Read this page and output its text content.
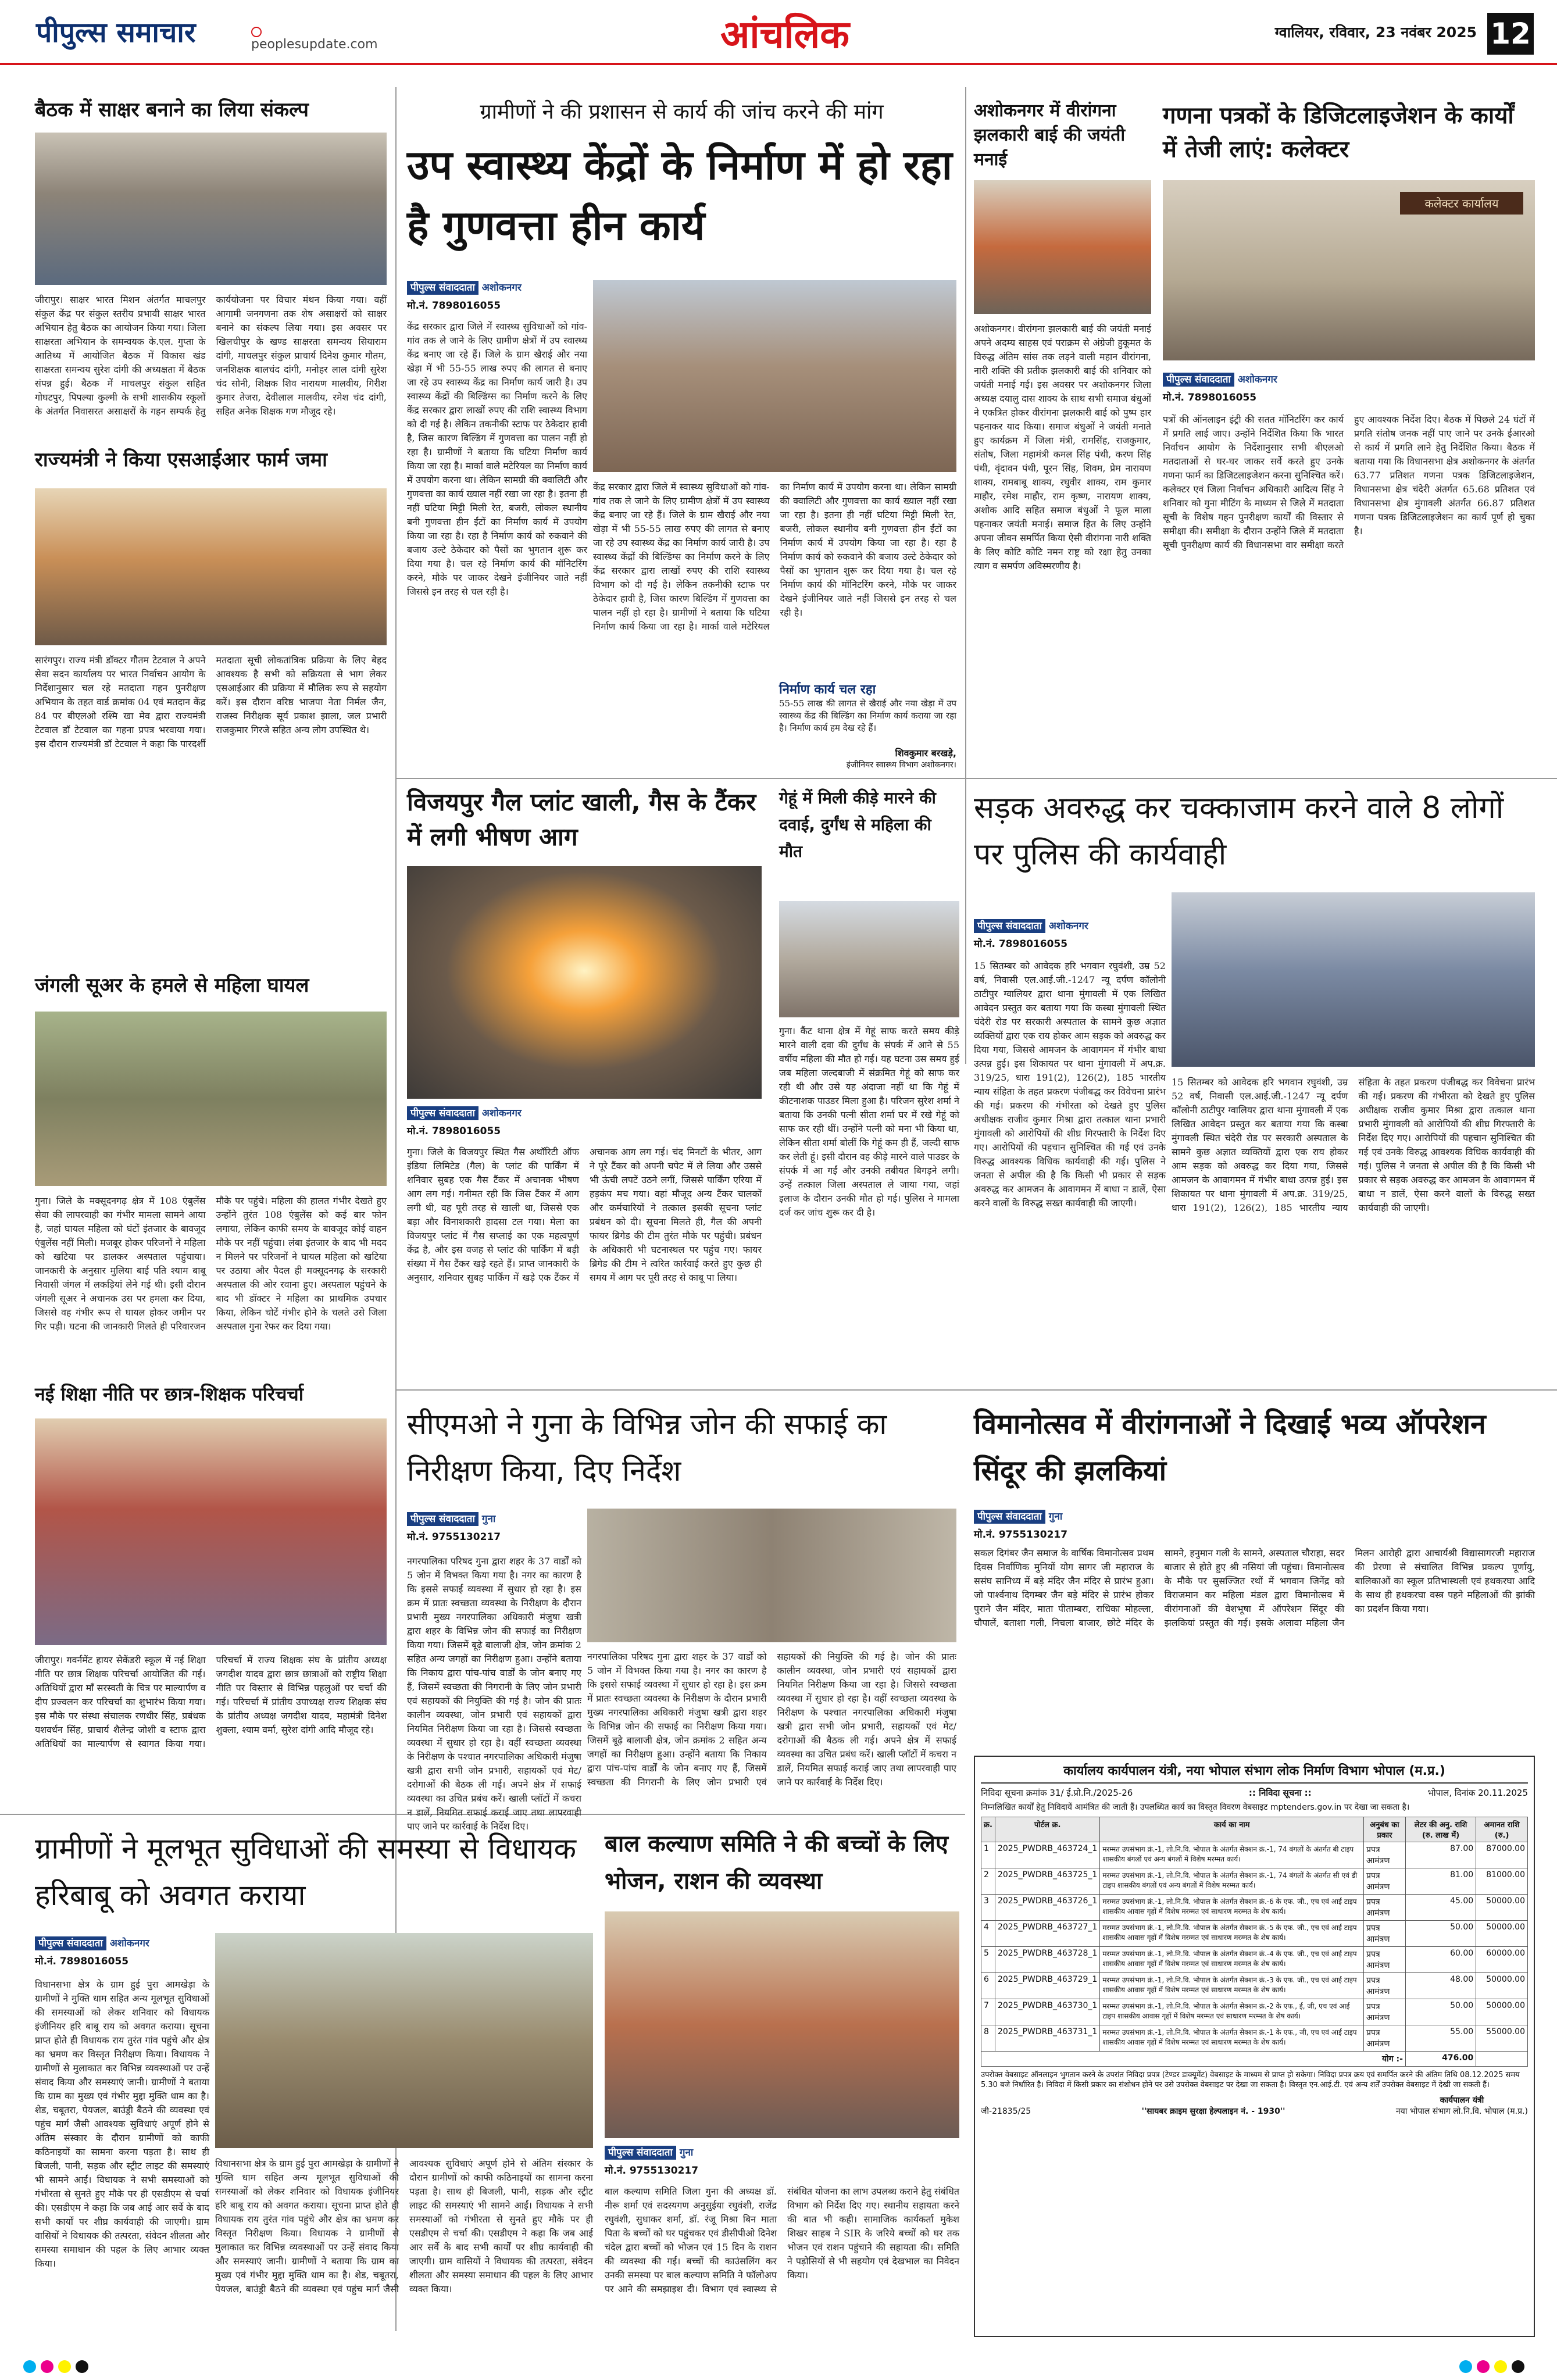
पीपुल्स समाचार	peoplesupdate.com	आंचलिक	ग्वालियर, रविवार, 23 नवंबर 2025 12
बैठक में साक्षर बनाने का लिया संकल्प
जीरापुर। साक्षर भारत मिशन अंतर्गत माचलपुर संकुल केंद्र पर संकुल स्तरीय प्रभावी साक्षर भारत अभियान हेतु बैठक का आयोजन किया गया। जिला साक्षरता अभियान के समन्वयक के.एल. गुप्ता के आतिथ्य में आयोजित बैठक में विकास खंड साक्षरता समन्वय सुरेश दांगी की अध्यक्षता में बैठक संपन्न हुई। बैठक में माचलपुर संकुल सहित गोघटपुर, पिपल्या कुल्मी के सभी शासकीय स्कूलों के अंतर्गत निवासरत असाक्षरों के गहन सम्पर्क हेतु कार्ययोजना पर विचार मंथन किया गया। वहीं आगामी जनगणना तक शेष असाक्षरों को साक्षर बनाने का संकल्प लिया गया। इस अवसर पर खिलचीपुर के खण्ड साक्षरता समन्वय सियाराम दांगी, माचलपुर संकुल प्राचार्य दिनेश कुमार गौतम, जनशिक्षक बालचंद दांगी, मनोहर लाल दांगी सुरेश चंद सोनी, शिक्षक शिव नारायण मालवीय, गिरीश कुमार तेजरा, देवीलाल मालवीय, रमेश चंद दांगी, सहित अनेक शिक्षक गण मौजूद रहे।
राज्यमंत्री ने किया एसआईआर फार्म जमा
सारंगपुर। राज्य मंत्री डॉक्टर गौतम टेटवाल ने अपने सेवा सदन कार्यालय पर भारत निर्वाचन आयोग के निर्देशानुसार चल रहे मतदाता गहन पुनरीक्षण अभियान के तहत वार्ड क्रमांक 04 एवं मतदान केंद्र 84 पर बीएलओ रश्मि खा मेव द्वारा राज्यमंत्री टेटवाल डॉ टेटवाल का गहना प्रपत्र भरवाया गया। इस दौरान राज्यमंत्री डॉ टेटवाल ने कहा कि पारदर्शी मतदाता सूची लोकतांत्रिक प्रक्रिया के लिए बेहद आवश्यक है सभी को सक्रियता से भाग लेकर एसआईआर की प्रक्रिया में मौलिक रूप से सहयोग करें। इस दौरान वरिष्ठ भाजपा नेता निर्मल जैन, राजस्व निरीक्षक सूर्य प्रकाश झाला, जल प्रभारी राजकुमार गिरजे सहित अन्य लोग उपस्थित थे।
जंगली सूअर के हमले से महिला घायल
गुना। जिले के मक्सूदनगढ़ क्षेत्र में 108 एंबुलेंस सेवा की लापरवाही का गंभीर मामला सामने आया है, जहां घायल महिला को घंटों इंतजार के बावजूद एंबुलेंस नहीं मिली। मजबूर होकर परिजनों ने महिला को खटिया पर डालकर अस्पताल पहुंचाया। जानकारी के अनुसार मुलिया बाई पति श्याम बाबू निवासी जंगल में लकड़ियां लेने गई थी। इसी दौरान जंगली सूअर ने अचानक उस पर हमला कर दिया, जिससे वह गंभीर रूप से घायल होकर जमीन पर गिर पड़ी। घटना की जानकारी मिलते ही परिवारजन मौके पर पहुंचे। महिला की हालत गंभीर देखते हुए उन्होंने तुरंत 108 एंबुलेंस को कई बार फोन लगाया, लेकिन काफी समय के बावजूद कोई वाहन मौके पर नहीं पहुंचा। लंबा इंतजार के बाद भी मदद न मिलने पर परिजनों ने घायल महिला को खटिया पर उठाया और पैदल ही मक्सूदनगढ़ के सरकारी अस्पताल की ओर रवाना हुए। अस्पताल पहुंचने के बाद भी डॉक्टर ने महिला का प्राथमिक उपचार किया, लेकिन चोटें गंभीर होने के चलते उसे जिला अस्पताल गुना रेफर कर दिया गया।
नई शिक्षा नीति पर छात्र-शिक्षक परिचर्चा
जीरापुर। गवर्नमेंट हायर सेकेंडरी स्कूल में नई शिक्षा नीति पर छात्र शिक्षक परिचर्चा आयोजित की गई। अतिथियों द्वारा माँ सरस्वती के चित्र पर माल्यार्पण व दीप प्रज्वलन कर परिचर्चा का शुभारंभ किया गया। इस मौके पर संस्था संचालक रणधीर सिंह, प्रबंधक यशवर्धन सिंह, प्राचार्य शैलेन्द्र जोशी व स्टाफ द्वारा अतिथियों का माल्यार्पण से स्वागत किया गया। परिचर्चा में राज्य शिक्षक संघ के प्रांतीय अध्यक्ष जगदीश यादव द्वारा छात्र छात्राओं को राष्ट्रीय शिक्षा नीति पर विस्तार से विभिन्न पहलुओं पर चर्चा की गई। परिचर्चा में प्रांतीय उपाध्यक्ष राज्य शिक्षक संघ के प्रांतीय अध्यक्ष जगदीश यादव, महामंत्री दिनेश शुक्ला, श्याम वर्मा, सुरेश दांगी आदि मौजूद रहे।
ग्रामीणों ने की प्रशासन से कार्य की जांच करने की मांग
उप स्वास्थ्य केंद्रों के निर्माण में हो रहा है गुणवत्ता हीन कार्य
पीपुल्स संवाददाता अशोकनगर
मो.नं. 7898016055
केंद्र सरकार द्वारा जिले में स्वास्थ्य सुविधाओं को गांव-गांव तक ले जाने के लिए ग्रामीण क्षेत्रों में उप स्वास्थ्य केंद्र बनाए जा रहे हैं। जिले के ग्राम खैराई और नया खेड़ा में भी 55-55 लाख रुपए की लागत से बनाए जा रहे उप स्वास्थ्य केंद्र का निर्माण कार्य जारी है। उप स्वास्थ्य केंद्रों की बिल्डिंग्स का निर्माण करने के लिए केंद्र सरकार द्वारा लाखों रुपए की राशि स्वास्थ्य विभाग को दी गई है। लेकिन तकनीकी स्टाफ पर ठेकेदार हावी है, जिस कारण बिल्डिंग में गुणवत्ता का पालन नहीं हो रहा है। ग्रामीणों ने बताया कि घटिया निर्माण कार्य किया जा रहा है। मार्का वाले मटेरियल का निर्माण कार्य में उपयोग करना था। लेकिन सामग्री की क्वालिटी और गुणवत्ता का कार्य ख्याल नहीं रखा जा रहा है। इतना ही नहीं घटिया मिट्टी मिली रेत, बजरी, लोकल स्थानीय बनी गुणवत्ता हीन ईंटों का निर्माण कार्य में उपयोग किया जा रहा है। रहा है निर्माण कार्य को रुकवाने की बजाय उल्टे ठेकेदार को पैसों का भुगतान शुरू कर दिया गया है। चल रहे निर्माण कार्य की मॉनिटरिंग करने, मौके पर जाकर देखने इंजीनियर जाते नहीं जिससे इन तरह से चल रही है।
केंद्र सरकार द्वारा जिले में स्वास्थ्य सुविधाओं को गांव-गांव तक ले जाने के लिए ग्रामीण क्षेत्रों में उप स्वास्थ्य केंद्र बनाए जा रहे हैं। जिले के ग्राम खैराई और नया खेड़ा में भी 55-55 लाख रुपए की लागत से बनाए जा रहे उप स्वास्थ्य केंद्र का निर्माण कार्य जारी है। उप स्वास्थ्य केंद्रों की बिल्डिंग्स का निर्माण करने के लिए केंद्र सरकार द्वारा लाखों रुपए की राशि स्वास्थ्य विभाग को दी गई है। लेकिन तकनीकी स्टाफ पर ठेकेदार हावी है, जिस कारण बिल्डिंग में गुणवत्ता का पालन नहीं हो रहा है। ग्रामीणों ने बताया कि घटिया निर्माण कार्य किया जा रहा है। मार्का वाले मटेरियल का निर्माण कार्य में उपयोग करना था। लेकिन सामग्री की क्वालिटी और गुणवत्ता का कार्य ख्याल नहीं रखा जा रहा है। इतना ही नहीं घटिया मिट्टी मिली रेत, बजरी, लोकल स्थानीय बनी गुणवत्ता हीन ईंटों का निर्माण कार्य में उपयोग किया जा रहा है। रहा है निर्माण कार्य को रुकवाने की बजाय उल्टे ठेकेदार को पैसों का भुगतान शुरू कर दिया गया है। चल रहे निर्माण कार्य की मॉनिटरिंग करने, मौके पर जाकर देखने इंजीनियर जाते नहीं जिससे इन तरह से चल रही है।
निर्माण कार्य चल रहा
55-55 लाख की लागत से खैराई और नया खेड़ा में उप स्वास्थ्य केंद्र की बिल्डिंग का निर्माण कार्य कराया जा रहा है। निर्माण कार्य हम देख रहे हैं।
शिवकुमार बरखड़े,
इंजीनियर स्वास्थ्य विभाग अशोकनगर।
विजयपुर गैल प्लांट खाली, गैस के टैंकर में लगी भीषण आग
पीपुल्स संवाददाता अशोकनगर
मो.नं. 7898016055
गुना। जिले के विजयपुर स्थित गैस अथॉरिटी ऑफ इंडिया लिमिटेड (गैल) के प्लांट की पार्किंग में शनिवार सुबह एक गैस टैंकर में अचानक भीषण आग लग गई। गनीमत रही कि जिस टैंकर में आग लगी थी, वह पूरी तरह से खाली था, जिससे एक बड़ा और विनाशकारी हादसा टल गया। मेला का विजयपुर प्लांट में गैस सप्लाई का एक महत्वपूर्ण केंद्र है, और इस वजह से प्लांट की पार्किंग में बड़ी संख्या में गैस टैंकर खड़े रहते हैं। प्राप्त जानकारी के अनुसार, शनिवार सुबह पार्किंग में खड़े एक टैंकर में अचानक आग लग गई। चंद मिनटों के भीतर, आग ने पूरे टैंकर को अपनी चपेट में ले लिया और उससे भी ऊंची लपटें उठने लगीं, जिससे पार्किंग एरिया में हड़कंप मच गया। वहां मौजूद अन्य टैंकर चालकों और कर्मचारियों ने तत्काल इसकी सूचना प्लांट प्रबंधन को दी। सूचना मिलते ही, गैल की अपनी फायर ब्रिगेड की टीम तुरंत मौके पर पहुंची। प्रबंधन के अधिकारी भी घटनास्थल पर पहुंच गए। फायर ब्रिगेड की टीम ने त्वरित कार्रवाई करते हुए कुछ ही समय में आग पर पूरी तरह से काबू पा लिया।
अशोकनगर में वीरांगना झलकारी बाई की जयंती मनाई
अशोकनगर। वीरांगना झलकारी बाई की जयंती मनाई अपने अदम्य साहस एवं पराक्रम से अंग्रेजी हुकूमत के विरुद्ध अंतिम सांस तक लड़ने वाली महान वीरांगना, नारी शक्ति की प्रतीक झलकारी बाई की शनिवार को जयंती मनाई गई। इस अवसर पर अशोकनगर जिला अध्यक्ष दयालु दास शाक्य के साथ सभी समाज बंधुओं ने एकत्रित होकर वीरांगना झलकारी बाई को पुष्प हार पहनाकर याद किया। समाज बंधुओं ने जयंती मनाते हुए कार्यक्रम में जिला मंत्री, रामसिंह, राजकुमार, संतोष, जिला महामंत्री कमल सिंह पंथी, करण सिंह पंथी, वृंदावन पंथी, पूरन सिंह, शिवम, प्रेम नारायण शाक्य, रामबाबू शाक्य, रघुवीर शाक्य, राम कुमार माहौर, रमेश माहौर, राम कृष्ण, नारायण शाक्य, अशोक आदि सहित समाज बंधुओं ने फूल माला पहनाकर जयंती मनाई। समाज हित के लिए उन्होंने अपना जीवन समर्पित किया ऐसी वीरांगना नारी शक्ति के लिए कोटि कोटि नमन राष्ट्र को रक्षा हेतु उनका त्याग व समर्पण अविस्मरणीय है।
गणना पत्रकों के डिजिटलाइजेशन के कार्यों में तेजी लाएं: कलेक्टर
कलेक्टर कार्यालय
पीपुल्स संवाददाता अशोकनगर
मो.नं. 7898016055
पत्रों की ऑनलाइन इंट्री की सतत मॉनिटरिंग कर कार्य में प्रगति लाई जाए। उन्होंने निर्देशित किया कि भारत निर्वाचन आयोग के निर्देशानुसार सभी बीएलओ मतदाताओं से घर-घर जाकर सर्वे करते हुए उनके गणना फार्म का डिजिटलाइजेशन करना सुनिश्चित करें। कलेक्टर एवं जिला निर्वाचन अधिकारी आदित्य सिंह ने शनिवार को गुना मीटिंग के माध्यम से जिले में मतदाता सूची के विशेष गहन पुनरीक्षण कार्यों की विस्तार से समीक्षा की। समीक्षा के दौरान उन्होंने जिले में मतदाता सूची पुनरीक्षण कार्य की विधानसभा वार समीक्षा करते हुए आवश्यक निर्देश दिए। बैठक में पिछले 24 घंटों में प्रगति संतोष जनक नहीं पाए जाने पर उनके ईआरओ से कार्य में प्रगति लाने हेतु निर्देशित किया। बैठक में बताया गया कि विधानसभा क्षेत्र अशोकनगर के अंतर्गत 63.77 प्रतिशत गणना पत्रक डिजिटलाइजेशन, विधानसभा क्षेत्र चंदेरी अंतर्गत 65.68 प्रतिशत एवं विधानसभा क्षेत्र मुंगावली अंतर्गत 66.87 प्रतिशत गणना पत्रक डिजिटलाइजेशन का कार्य पूर्ण हो चुका है।
गेहूं में मिली कीड़े मारने की दवाई, दुर्गंध से महिला की मौत
गुना। कैंट थाना क्षेत्र में गेहूं साफ करते समय कीड़े मारने वाली दवा की दुर्गंध के संपर्क में आने से 55 वर्षीय महिला की मौत हो गई। यह घटना उस समय हुई जब महिला जल्दबाजी में संक्रमित गेहूं को साफ कर रही थी और उसे यह अंदाजा नहीं था कि गेहूं में कीटनाशक पाउडर मिला हुआ है। परिजन सुरेश शर्मा ने बताया कि उनकी पत्नी सीता शर्मा घर में रखे गेहूं को साफ कर रही थीं। उन्होंने पत्नी को मना भी किया था, लेकिन सीता शर्मा बोलीं कि गेहूं कम ही हैं, जल्दी साफ कर लेती हूं। इसी दौरान वह कीड़े मारने वाले पाउडर के संपर्क में आ गईं और उनकी तबीयत बिगड़ने लगी। उन्हें तत्काल जिला अस्पताल ले जाया गया, जहां इलाज के दौरान उनकी मौत हो गई। पुलिस ने मामला दर्ज कर जांच शुरू कर दी है।
सड़क अवरुद्ध कर चक्काजाम करने वाले 8 लोगों पर पुलिस की कार्यवाही
पीपुल्स संवाददाता अशोकनगर
मो.नं. 7898016055
15 सितम्बर को आवेदक हरि भगवान रघुवंशी, उम्र 52 वर्ष, निवासी एल.आई.जी.-1247 न्यू दर्पण कॉलोनी ठाटीपुर ग्वालियर द्वारा थाना मुंगावली में एक लिखित आवेदन प्रस्तुत कर बताया गया कि कस्बा मुंगावली स्थित चंदेरी रोड पर सरकारी अस्पताल के सामने कुछ अज्ञात व्यक्तियों द्वारा एक राय होकर आम सड़क को अवरुद्ध कर दिया गया, जिससे आमजन के आवागमन में गंभीर बाधा उत्पन्न हुई। इस शिकायत पर थाना मुंगावली में अप.क्र. 319/25, धारा 191(2), 126(2), 185 भारतीय न्याय संहिता के तहत प्रकरण पंजीबद्ध कर विवेचना प्रारंभ की गई। प्रकरण की गंभीरता को देखते हुए पुलिस अधीक्षक राजीव कुमार मिश्रा द्वारा तत्काल थाना प्रभारी मुंगावली को आरोपियों की शीघ्र गिरफ्तारी के निर्देश दिए गए। आरोपियों की पहचान सुनिश्चित की गई एवं उनके विरुद्ध आवश्यक विधिक कार्यवाही की गई। पुलिस ने जनता से अपील की है कि किसी भी प्रकार से सड़क अवरुद्ध कर आमजन के आवागमन में बाधा न डालें, ऐसा करने वालों के विरुद्ध सख्त कार्यवाही की जाएगी।
15 सितम्बर को आवेदक हरि भगवान रघुवंशी, उम्र 52 वर्ष, निवासी एल.आई.जी.-1247 न्यू दर्पण कॉलोनी ठाटीपुर ग्वालियर द्वारा थाना मुंगावली में एक लिखित आवेदन प्रस्तुत कर बताया गया कि कस्बा मुंगावली स्थित चंदेरी रोड पर सरकारी अस्पताल के सामने कुछ अज्ञात व्यक्तियों द्वारा एक राय होकर आम सड़क को अवरुद्ध कर दिया गया, जिससे आमजन के आवागमन में गंभीर बाधा उत्पन्न हुई। इस शिकायत पर थाना मुंगावली में अप.क्र. 319/25, धारा 191(2), 126(2), 185 भारतीय न्याय संहिता के तहत प्रकरण पंजीबद्ध कर विवेचना प्रारंभ की गई। प्रकरण की गंभीरता को देखते हुए पुलिस अधीक्षक राजीव कुमार मिश्रा द्वारा तत्काल थाना प्रभारी मुंगावली को आरोपियों की शीघ्र गिरफ्तारी के निर्देश दिए गए। आरोपियों की पहचान सुनिश्चित की गई एवं उनके विरुद्ध आवश्यक विधिक कार्यवाही की गई। पुलिस ने जनता से अपील की है कि किसी भी प्रकार से सड़क अवरुद्ध कर आमजन के आवागमन में बाधा न डालें, ऐसा करने वालों के विरुद्ध सख्त कार्यवाही की जाएगी।
सीएमओ ने गुना के विभिन्न जोन की सफाई का निरीक्षण किया, दिए निर्देश
पीपुल्स संवाददाता गुना
मो.नं. 9755130217
नगरपालिका परिषद गुना द्वारा शहर के 37 वार्डों को 5 जोन में विभक्त किया गया है। नगर का कारण है कि इससे सफाई व्यवस्था में सुधार हो रहा है। इस क्रम में प्रातः स्वच्छता व्यवस्था के निरीक्षण के दौरान प्रभारी मुख्य नगरपालिका अधिकारी मंजुषा खत्री द्वारा शहर के विभिन्न जोन की सफाई का निरीक्षण किया गया। जिसमें बूढ़े बालाजी क्षेत्र, जोन क्रमांक 2 सहित अन्य जगहों का निरीक्षण हुआ। उन्होंने बताया कि निकाय द्वारा पांच-पांच वार्डों के जोन बनाए गए हैं, जिसमें स्वच्छता की निगरानी के लिए जोन प्रभारी एवं सहायकों की नियुक्ति की गई है। जोन की प्रातः कालीन व्यवस्था, जोन प्रभारी एवं सहायकों द्वारा नियमित निरीक्षण किया जा रहा है। जिससे स्वच्छता व्यवस्था में सुधार हो रहा है। वहीं स्वच्छता व्यवस्था के निरीक्षण के पश्चात नगरपालिका अधिकारी मंजुषा खत्री द्वारा सभी जोन प्रभारी, सहायकों एवं मेट/दरोगाओं की बैठक ली गई। अपने क्षेत्र में सफाई व्यवस्था का उचित प्रबंध करें। खाली प्लॉटों में कचरा न डालें, नियमित सफाई कराई जाए तथा लापरवाही पाए जाने पर कार्रवाई के निर्देश दिए।
नगरपालिका परिषद गुना द्वारा शहर के 37 वार्डों को 5 जोन में विभक्त किया गया है। नगर का कारण है कि इससे सफाई व्यवस्था में सुधार हो रहा है। इस क्रम में प्रातः स्वच्छता व्यवस्था के निरीक्षण के दौरान प्रभारी मुख्य नगरपालिका अधिकारी मंजुषा खत्री द्वारा शहर के विभिन्न जोन की सफाई का निरीक्षण किया गया। जिसमें बूढ़े बालाजी क्षेत्र, जोन क्रमांक 2 सहित अन्य जगहों का निरीक्षण हुआ। उन्होंने बताया कि निकाय द्वारा पांच-पांच वार्डों के जोन बनाए गए हैं, जिसमें स्वच्छता की निगरानी के लिए जोन प्रभारी एवं सहायकों की नियुक्ति की गई है। जोन की प्रातः कालीन व्यवस्था, जोन प्रभारी एवं सहायकों द्वारा नियमित निरीक्षण किया जा रहा है। जिससे स्वच्छता व्यवस्था में सुधार हो रहा है। वहीं स्वच्छता व्यवस्था के निरीक्षण के पश्चात नगरपालिका अधिकारी मंजुषा खत्री द्वारा सभी जोन प्रभारी, सहायकों एवं मेट/दरोगाओं की बैठक ली गई। अपने क्षेत्र में सफाई व्यवस्था का उचित प्रबंध करें। खाली प्लॉटों में कचरा न डालें, नियमित सफाई कराई जाए तथा लापरवाही पाए जाने पर कार्रवाई के निर्देश दिए।
विमानोत्सव में वीरांगनाओं ने दिखाई भव्य ऑपरेशन सिंदूर की झलकियां
पीपुल्स संवाददाता गुना
मो.नं. 9755130217
सकल दिगंबर जैन समाज के वार्षिक विमानोत्सव प्रथम दिवस निर्वाणिक मुनियों योग सागर जी महाराज के ससंघ सानिध्य में बड़े मंदिर जैन मंदिर से प्रारंभ हुआ। जो पार्श्वनाथ दिगम्बर जैन बड़े मंदिर से प्रारंभ होकर पुराने जैन मंदिर, माता पीताम्बरा, राधिका मोहल्ला, चौपालें, बताशा गली, निचला बाजार, छोटे मंदिर के सामने, हनुमान गली के सामने, अस्पताल चौराहा, सदर बाजार से होते हुए श्री नसियां जी पहुंचा। विमानोत्सव के मौके पर सुसज्जित रथों में भगवान जिनेंद्र को विराजमान कर महिला मंडल द्वारा विमानोत्सव में वीरांगनाओं की वेशभूषा में ऑपरेशन सिंदूर की झलकियां प्रस्तुत की गई। इसके अलावा महिला जैन मिलन आरोही द्वारा आचार्यश्री विद्यासागरजी महाराज की प्रेरणा से संचालित विभिन्न प्रकल्प पूर्णायु, बालिकाओं का स्कूल प्रतिभास्थली एवं हथकरघा आदि के साथ ही हथकरघा वस्त्र पहने महिलाओं की झांकी का प्रदर्शन किया गया।
कार्यालय कार्यपालन यंत्री, नया भोपाल संभाग लोक निर्माण विभाग भोपाल (म.प्र.)
निविदा सूचना क्रमांक 31/ ई.प्रो.नि./2025-26	:: निविदा सूचना ::	भोपाल, दिनांक 20.11.2025
निम्नलिखित कार्यों हेतु निविदायें आमंत्रित की जाती हैं। उपलब्धित कार्य का विस्तृत विवरण वेबसाइट mptenders.gov.in पर देखा जा सकता है।
क्र.	पोर्टल क्र.	कार्य का नाम	अनुबंध का प्रकार	लेटर की अनु. राशि (रु. लाख में)	अमानत राशि (रु.)
1	2025_PWDRB_463724_1	मरम्मत उपसंभाग क्रं.-1, लो.नि.वि. भोपाल के अंतर्गत सेक्शन क्रं.-1, 74 बंगलों के अंतर्गत बी टाइप शासकीय बंगलों एवं अन्य बंगलों में विशेष मरम्मत कार्य।	प्रपत्र आमंत्रण	87.00	87000.00
2	2025_PWDRB_463725_1	मरम्मत उपसंभाग क्रं.-1, लो.नि.वि. भोपाल के अंतर्गत सेक्शन क्रं.-1, 74 बंगलों के अंतर्गत सी एवं डी टाइप शासकीय बंगलों एवं अन्य बंगलों में विशेष मरम्मत कार्य।	प्रपत्र आमंत्रण	81.00	81000.00
3	2025_PWDRB_463726_1	मरम्मत उपसंभाग क्रं.-1, लो.नि.वि. भोपाल के अंतर्गत सेक्शन क्रं.-6 के एफ. जी., एच एवं आई टाइप शासकीय आवास गृहों में विशेष मरम्मत एवं साधारण मरम्मत के शेष कार्य।	प्रपत्र आमंत्रण	45.00	50000.00
4	2025_PWDRB_463727_1	मरम्मत उपसंभाग क्रं.-1, लो.नि.वि. भोपाल के अंतर्गत सेक्शन क्रं.-5 के एफ. जी., एच एवं आई टाइप शासकीय आवास गृहों में विशेष मरम्मत एवं साधारण मरम्मत के शेष कार्य।	प्रपत्र आमंत्रण	50.00	50000.00
5	2025_PWDRB_463728_1	मरम्मत उपसंभाग क्रं.-1, लो.नि.वि. भोपाल के अंतर्गत सेक्शन क्रं.-4 के एफ. जी., एच एवं आई टाइप शासकीय आवास गृहों में विशेष मरम्मत एवं साधारण मरम्मत के शेष कार्य।	प्रपत्र आमंत्रण	60.00	60000.00
6	2025_PWDRB_463729_1	मरम्मत उपसंभाग क्रं.-1, लो.नि.वि. भोपाल के अंतर्गत सेक्शन क्रं.-3 के एफ. जी., एच एवं आई टाइप शासकीय आवास गृहों में विशेष मरम्मत एवं साधारण मरम्मत के शेष कार्य।	प्रपत्र आमंत्रण	48.00	50000.00
7	2025_PWDRB_463730_1	मरम्मत उपसंभाग क्रं.-1, लो.नि.वि. भोपाल के अंतर्गत सेक्शन क्रं.-2 के एफ., ई, जी, एच एवं आई टाइप शासकीय आवास गृहों में विशेष मरम्मत एवं साधारण मरम्मत के शेष कार्य।	प्रपत्र आमंत्रण	50.00	50000.00
8	2025_PWDRB_463731_1	मरम्मत उपसंभाग क्रं.-1, लो.नि.वि. भोपाल के अंतर्गत सेक्शन क्रं.-1 के एफ., जी, एच एवं आई टाइप शासकीय आवास गृहों में विशेष मरम्मत एवं साधारण मरम्मत के शेष कार्य।	प्रपत्र आमंत्रण	55.00	55000.00
योग :-				476.00	
उपरोक्त वेबसाइट ऑनलाइन भुगतान करने के उपरांत निविदा प्रपत्र (टेण्डर डाक्यूमेंट) वेबसाइट के माध्यम से प्राप्त हो सकेगा। निविदा प्रपत्र क्रय एवं समर्पित करने की अंतिम तिथि 08.12.2025 समय 5.30 बजे निर्धारित है। निविदा में किसी प्रकार का संशोधन होने पर उसे उपरोक्त वेबसाइट पर देखा जा सकता है। विस्तृत एन.आई.टी. एवं अन्य शर्तें उपरोक्त वेबसाइट में देखी जा सकती हैं।
जी-21835/25	''सायबर क्राइम सुरक्षा हेल्पलाइन नं. - 1930''
कार्यपालन यंत्री
नया भोपाल संभाग लो.नि.वि. भोपाल (म.प्र.)
ग्रामीणों ने मूलभूत सुविधाओं की समस्या से विधायक हरिबाबू को अवगत कराया
पीपुल्स संवाददाता अशोकनगर
मो.नं. 7898016055
विधानसभा क्षेत्र के ग्राम हुई पुरा आमखेड़ा के ग्रामीणों ने मुक्ति धाम सहित अन्य मूलभूत सुविधाओं की समस्याओं को लेकर शनिवार को विधायक इंजीनियर हरि बाबू राय को अवगत कराया। सूचना प्राप्त होते ही विधायक राय तुरंत गांव पहुंचे और क्षेत्र का भ्रमण कर विस्तृत निरीक्षण किया। विधायक ने ग्रामीणों से मुलाकात कर विभिन्न व्यवस्थाओं पर उन्हें संवाद किया और समस्याएं जानी। ग्रामीणों ने बताया कि ग्राम का मुख्य एवं गंभीर मुद्दा मुक्ति धाम का है। शेड, चबूतरा, पेयजल, बाउंड्री बैठने की व्यवस्था एवं पहुंच मार्ग जैसी आवश्यक सुविधाएं अपूर्ण होने से अंतिम संस्कार के दौरान ग्रामीणों को काफी कठिनाइयों का सामना करना पड़ता है। साथ ही बिजली, पानी, सड़क और स्ट्रीट लाइट की समस्याएं भी सामने आईं। विधायक ने सभी समस्याओं को गंभीरता से सुनते हुए मौके पर ही एसडीएम से चर्चा की। एसडीएम ने कहा कि जब आई आर सर्वे के बाद सभी कार्यों पर शीघ्र कार्यवाही की जाएगी। ग्राम वासियों ने विधायक की तत्परता, संवेदन शीलता और समस्या समाधान की पहल के लिए आभार व्यक्त किया।
विधानसभा क्षेत्र के ग्राम हुई पुरा आमखेड़ा के ग्रामीणों ने मुक्ति धाम सहित अन्य मूलभूत सुविधाओं की समस्याओं को लेकर शनिवार को विधायक इंजीनियर हरि बाबू राय को अवगत कराया। सूचना प्राप्त होते ही विधायक राय तुरंत गांव पहुंचे और क्षेत्र का भ्रमण कर विस्तृत निरीक्षण किया। विधायक ने ग्रामीणों से मुलाकात कर विभिन्न व्यवस्थाओं पर उन्हें संवाद किया और समस्याएं जानी। ग्रामीणों ने बताया कि ग्राम का मुख्य एवं गंभीर मुद्दा मुक्ति धाम का है। शेड, चबूतरा, पेयजल, बाउंड्री बैठने की व्यवस्था एवं पहुंच मार्ग जैसी आवश्यक सुविधाएं अपूर्ण होने से अंतिम संस्कार के दौरान ग्रामीणों को काफी कठिनाइयों का सामना करना पड़ता है। साथ ही बिजली, पानी, सड़क और स्ट्रीट लाइट की समस्याएं भी सामने आईं। विधायक ने सभी समस्याओं को गंभीरता से सुनते हुए मौके पर ही एसडीएम से चर्चा की। एसडीएम ने कहा कि जब आई आर सर्वे के बाद सभी कार्यों पर शीघ्र कार्यवाही की जाएगी। ग्राम वासियों ने विधायक की तत्परता, संवेदन शीलता और समस्या समाधान की पहल के लिए आभार व्यक्त किया।
बाल कल्याण समिति ने की बच्चों के लिए भोजन, राशन की व्यवस्था
पीपुल्स संवाददाता गुना
मो.नं. 9755130217
बाल कल्याण समिति जिला गुना की अध्यक्ष डॉ. नीरू शर्मा एवं सदस्यगण अनुसुईया रघुवंशी, राजेंद्र रघुवंशी, सुधाकर शर्मा, डॉ. रंजू मिश्रा बिन माता पिता के बच्चों को घर पहुंचकर एवं डीसीपीओ दिनेश चंदेल द्वारा बच्चों को भोजन एवं 15 दिन के राशन की व्यवस्था की गई। बच्चों की काउंसलिंग कर उनकी समस्या पर बाल कल्याण समिति ने फॉलोअप पर आने की समझाइश दी। विभाग एवं स्वास्थ्य से संबंधित योजना का लाभ उपलब्ध कराने हेतु संबंधित विभाग को निर्देश दिए गए। स्थानीय सहायता करने की बात भी कही। सामाजिक कार्यकर्ता मुकेश शिखर साहब ने SIR के जरिये बच्चों को घर तक भोजन एवं राशन पहुंचाने की सहायता की। समिति ने पड़ोसियों से भी सहयोग एवं देखभाल का निवेदन किया।
